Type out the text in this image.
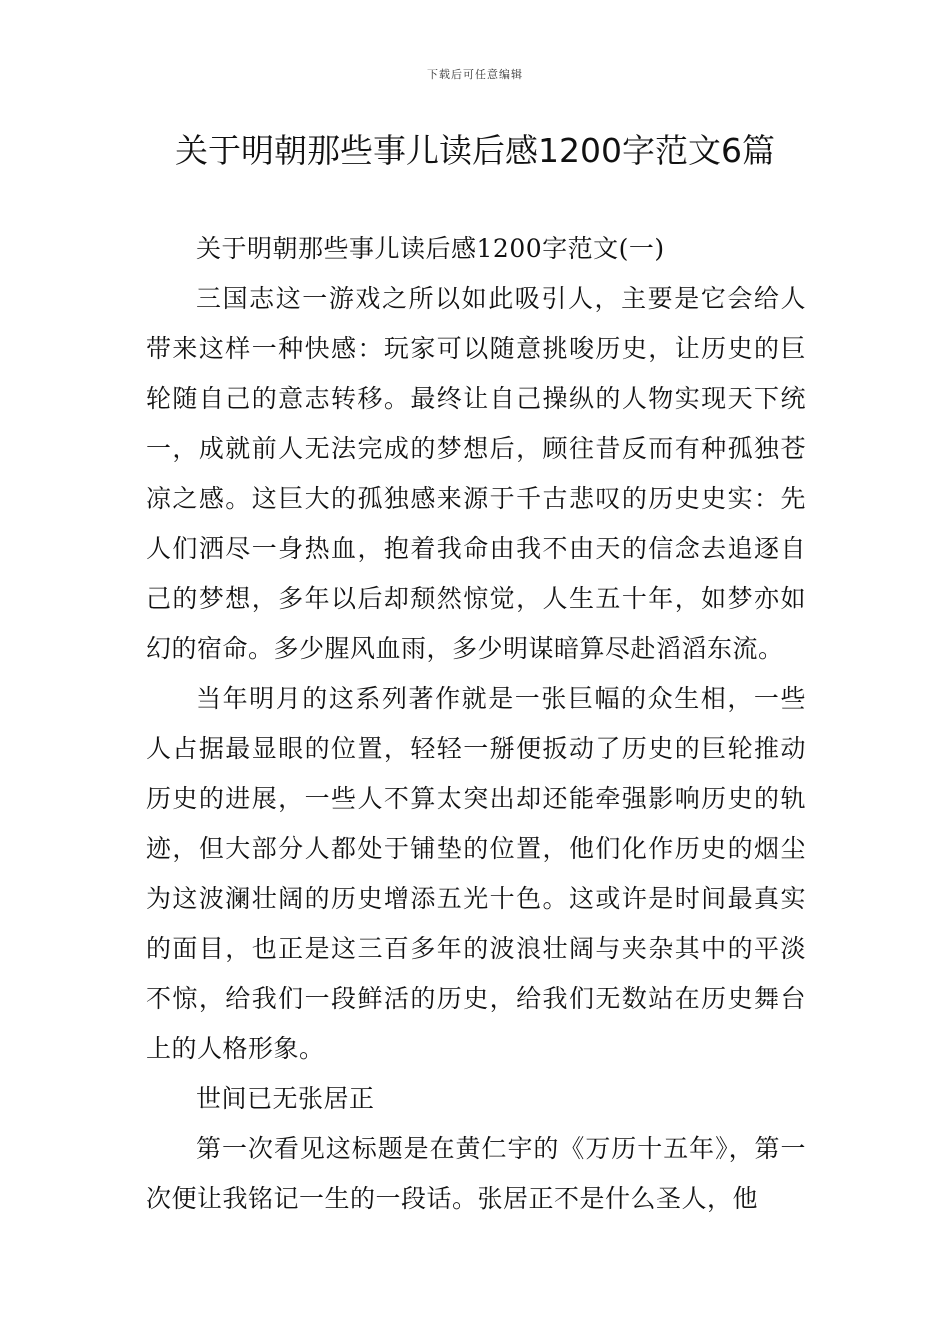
下载后可任意编辑
关于明朝那些事儿读后感1200字范文6篇

关于明朝那些事儿读后感1200字范文(一)

三国志这一游戏之所以如此吸引人，主要是它会给人带来这样一种快感：玩家可以随意挑唆历史，让历史的巨轮随自己的意志转移。最终让自己操纵的人物实现天下统一，成就前人无法完成的梦想后，顾往昔反而有种孤独苍凉之感。这巨大的孤独感来源于千古悲叹的历史史实：先人们洒尽一身热血，抱着我命由我不由天的信念去追逐自己的梦想，多年以后却颓然惊觉，人生五十年，如梦亦如幻的宿命。多少腥风血雨，多少明谋暗算尽赴滔滔东流。

当年明月的这系列著作就是一张巨幅的众生相，一些人占据最显眼的位置，轻轻一掰便扳动了历史的巨轮推动历史的进展，一些人不算太突出却还能牵强影响历史的轨迹，但大部分人都处于铺垫的位置，他们化作历史的烟尘为这波澜壮阔的历史增添五光十色。这或许是时间最真实的面目，也正是这三百多年的波浪壮阔与夹杂其中的平淡不惊，给我们一段鲜活的历史，给我们无数站在历史舞台上的人格形象。

世间已无张居正

第一次看见这标题是在黄仁宇的《万历十五年》，第一次便让我铭记一生的一段话。张居正不是什么圣人，他
